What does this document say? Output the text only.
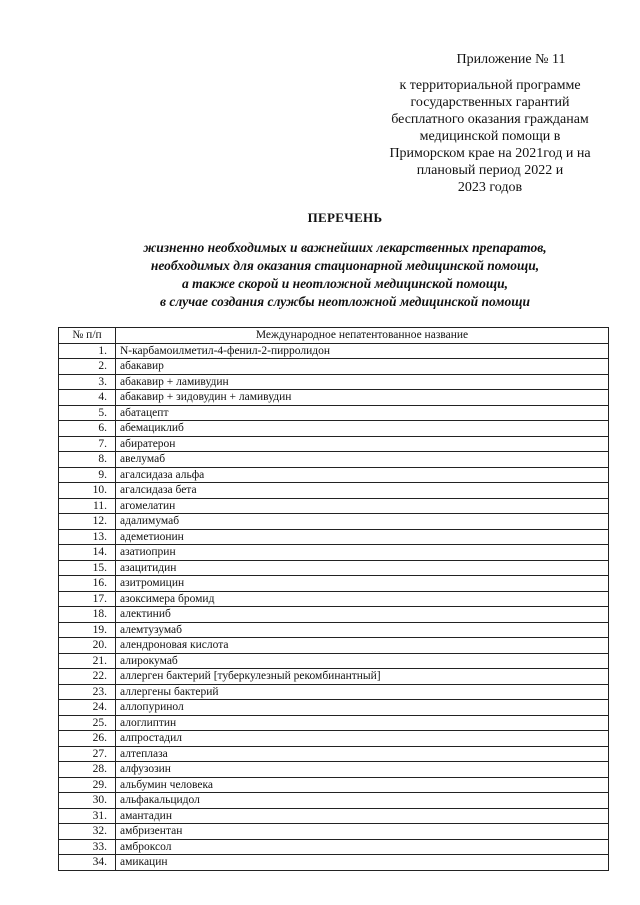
Приложение № 11
к территориальной программе
государственных гарантий
бесплатного оказания гражданам
медицинской помощи в
Приморском крае на 2021год и на
плановый период 2022 и
2023 годов
ПЕРЕЧЕНЬ
жизненно необходимых и важнейших лекарственных препаратов,
необходимых для оказания стационарной медицинской помощи,
а также скорой и неотложной медицинской помощи,
в случае создания службы неотложной медицинской помощи
№ п/п	Международное непатентованное название
1.	N-карбамоилметил-4-фенил-2-пирролидон
2.	абакавир
3.	абакавир + ламивудин
4.	абакавир + зидовудин + ламивудин
5.	абатацепт
6.	абемациклиб
7.	абиратерон
8.	авелумаб
9.	агалсидаза альфа
10.	агалсидаза бета
11.	агомелатин
12.	адалимумаб
13.	адеметионин
14.	азатиоприн
15.	азацитидин
16.	азитромицин
17.	азоксимера бромид
18.	алектиниб
19.	алемтузумаб
20.	алендроновая кислота
21.	алирокумаб
22.	аллерген бактерий [туберкулезный рекомбинантный]
23.	аллергены бактерий
24.	аллопуринол
25.	алоглиптин
26.	алпростадил
27.	алтеплаза
28.	алфузозин
29.	альбумин человека
30.	альфакальцидол
31.	амантадин
32.	амбризентан
33.	амброксол
34.	амикацин
